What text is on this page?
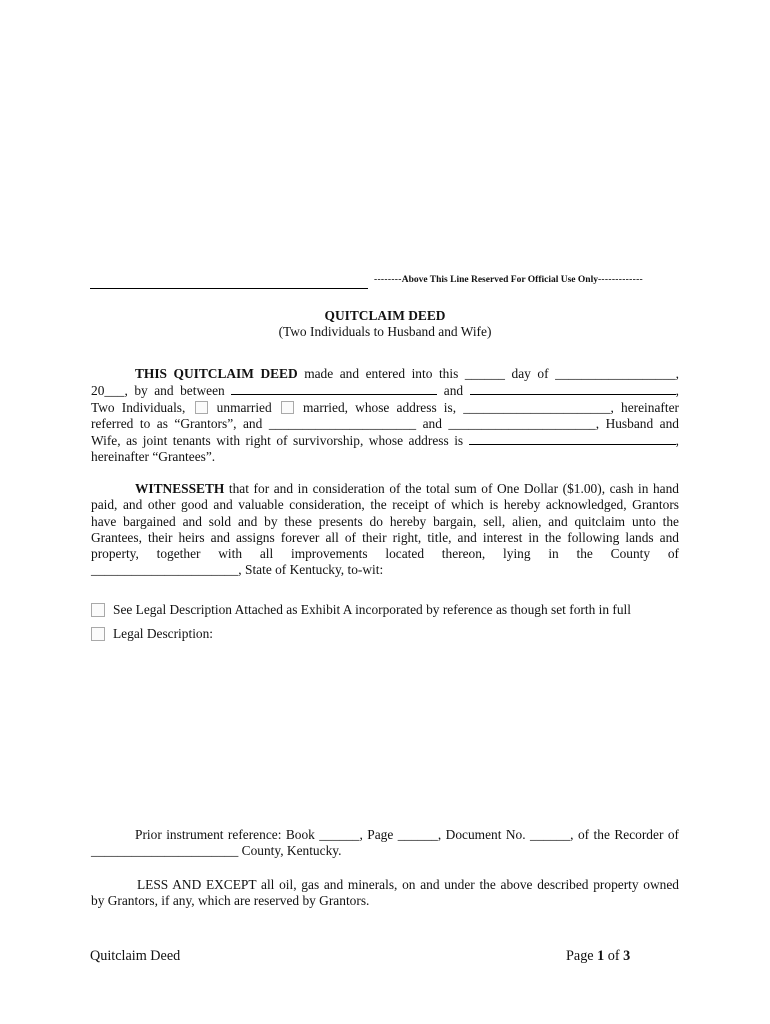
--------Above This Line Reserved For Official Use Only-------------
QUITCLAIM DEED
(Two Individuals to Husband and Wife)
THIS QUITCLAIM DEED made and entered into this ______ day of __________________,
20___, by and between	and	,
Two Individuals, unmarried married, whose address is, ______________________, hereinafter
referred to as “Grantors”, and ______________________ and ______________________, Husband and
Wife, as joint tenants with right of survivorship, whose address is	,
hereinafter “Grantees”.
WITNESSETH that for and in consideration of the total sum of One Dollar ($1.00), cash in hand
paid, and other good and valuable consideration, the receipt of which is hereby acknowledged, Grantors
have bargained and sold and by these presents do hereby bargain, sell, alien, and quitclaim unto the
Grantees, their heirs and assigns forever all of their right, title, and interest in the following lands and
property, together with all improvements located thereon, lying in the County of
______________________, State of Kentucky, to-wit:
See Legal Description Attached as Exhibit A incorporated by reference as though set forth in full
Legal Description:
Prior instrument reference: Book ______, Page ______, Document No. ______, of the Recorder of
______________________ County, Kentucky.
LESS AND EXCEPT all oil, gas and minerals, on and under the above described property owned
by Grantors, if any, which are reserved by Grantors.
Quitclaim Deed	Page 1 of 3
